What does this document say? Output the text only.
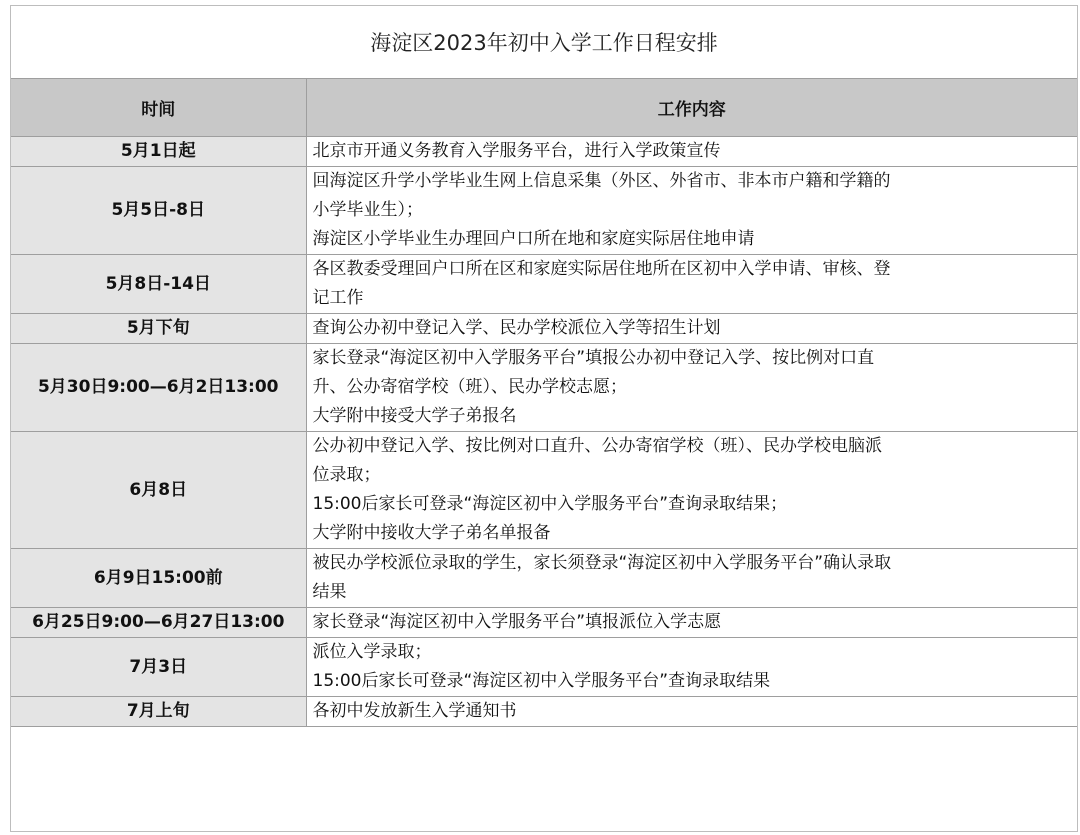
海淀区2023年初中入学工作日程安排
时间	工作内容
5月1日起	北京市开通义务教育入学服务平台，进行入学政策宣传

5月5日-8日	回海淀区升学小学毕业生网上信息采集（外区、外省市、非本市户籍和学籍的
小学毕业生）；
海淀区小学毕业生办理回户口所在地和家庭实际居住地申请

5月8日-14日	各区教委受理回户口所在区和家庭实际居住地所在区初中入学申请、审核、登
记工作

5月下旬	查询公办初中登记入学、民办学校派位入学等招生计划

5月30日9:00—6月2日13:00	家长登录“海淀区初中入学服务平台”填报公办初中登记入学、按比例对口直
升、公办寄宿学校（班）、民办学校志愿；
大学附中接受大学子弟报名

6月8日	公办初中登记入学、按比例对口直升、公办寄宿学校（班）、民办学校电脑派
位录取；
15:00后家长可登录“海淀区初中入学服务平台”查询录取结果；
大学附中接收大学子弟名单报备

6月9日15:00前	被民办学校派位录取的学生，家长须登录“海淀区初中入学服务平台”确认录取
结果

6月25日9:00—6月27日13:00	家长登录“海淀区初中入学服务平台”填报派位入学志愿

7月3日	派位入学录取；
15:00后家长可登录“海淀区初中入学服务平台”查询录取结果

7月上旬	各初中发放新生入学通知书
